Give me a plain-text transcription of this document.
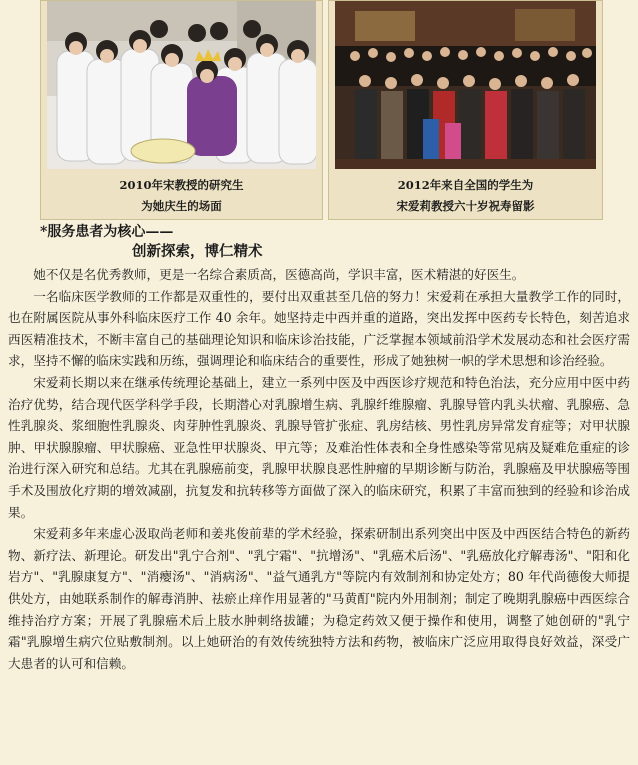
2010年宋教授的研究生
为她庆生的场面
2012年来自全国的学生为
宋爱莉教授六十岁祝寿留影
*服务患者为核心——
创新探索，博仁精术

她不仅是名优秀教师，更是一名综合素质高，医德高尚，学识丰富，医术精湛的好医生。

一名临床医学教师的工作都是双重性的，要付出双重甚至几倍的努力！宋爱莉在承担大量教学工作的同时，也在附属医院从事外科临床医疗工作 40 余年。她坚持走中西并重的道路，突出发挥中医药专长特色，刻苦追求西医精准技术，不断丰富自己的基础理论知识和临床诊治技能，广泛掌握本领域前沿学术发展动态和社会医疗需求，坚持不懈的临床实践和历练，强调理论和临床结合的重要性，形成了她独树一帜的学术思想和诊治经验。

宋爱莉长期以来在继承传统理论基础上，建立一系列中医及中西医诊疗规范和特色治法，充分应用中医中药治疗优势，结合现代医学科学手段，长期潜心对乳腺增生病、乳腺纤维腺瘤、乳腺导管内乳头状瘤、乳腺癌、急性乳腺炎、浆细胞性乳腺炎、肉芽肿性乳腺炎、乳腺导管扩张症、乳房结核、男性乳房异常发育症等；对甲状腺肿、甲状腺腺瘤、甲状腺癌、亚急性甲状腺炎、甲亢等；及难治性体表和全身性感染等常见病及疑难危重症的诊治进行深入研究和总结。尤其在乳腺癌前变，乳腺甲状腺良恶性肿瘤的早期诊断与防治，乳腺癌及甲状腺癌等围手术及围放化疗期的增效减副，抗复发和抗转移等方面做了深入的临床研究，积累了丰富而独到的经验和诊治成果。

宋爱莉多年来虚心汲取尚老师和姜兆俊前辈的学术经验，探索研制出系列突出中医及中西医结合特色的新药物、新疗法、新理论。研发出"乳宁合剂"、"乳宁霜"、"抗增汤"、"乳癌术后汤"、"乳癌放化疗解毒汤"、"阳和化岩方"、"乳腺康复方"、"消瘿汤"、"消病汤"、"益气通乳方"等院内有效制剂和协定处方；80 年代尚德俊大师提供处方，由她联系制作的解毒消肿、祛瘀止痒作用显著的"马黄酊"院内外用制剂；制定了晚期乳腺癌中西医综合维持治疗方案；开展了乳腺癌术后上肢水肿刺络拔罐；为稳定药效又便于操作和使用，调整了她创研的"乳宁霜"乳腺增生病穴位贴敷制剂。以上她研治的有效传统独特方法和药物，被临床广泛应用取得良好效益，深受广大患者的认可和信赖。
